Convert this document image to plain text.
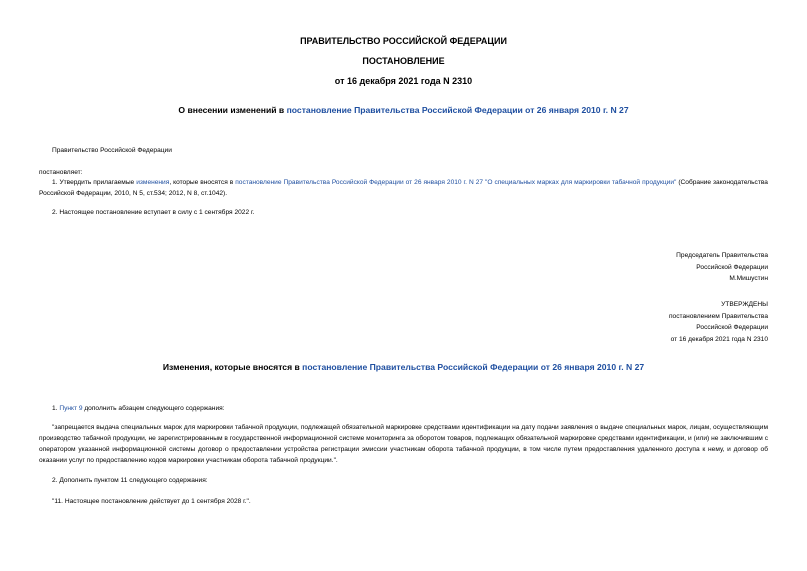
ПРАВИТЕЛЬСТВО РОССИЙСКОЙ ФЕДЕРАЦИИ
ПОСТАНОВЛЕНИЕ
от 16 декабря 2021 года N 2310
О внесении изменений в постановление Правительства Российской Федерации от 26 января 2010 г. N 27
Правительство Российской Федерации
постановляет:
1. Утвердить прилагаемые изменения, которые вносятся в постановление Правительства Российской Федерации от 26 января 2010 г. N 27 "О специальных марках для маркировки табачной продукции" (Собрание законодательства Российской Федерации, 2010, N 5, ст.534; 2012, N 8, ст.1042).
2. Настоящее постановление вступает в силу с 1 сентября 2022 г.
Председатель Правительства
Российской Федерации
М.Мишустин
УТВЕРЖДЕНЫ
постановлением Правительства
Российской Федерации
от 16 декабря 2021 года N 2310
Изменения, которые вносятся в постановление Правительства Российской Федерации от 26 января 2010 г. N 27
1. Пункт 9 дополнить абзацем следующего содержания:
"запрещается выдача специальных марок для маркировки табачной продукции, подлежащей обязательной маркировке средствами идентификации на дату подачи заявления о выдаче специальных марок, лицам, осуществляющим производство табачной продукции, не зарегистрированным в государственной информационной системе мониторинга за оборотом товаров, подлежащих обязательной маркировке средствами идентификации, и (или) не заключившим с оператором указанной информационной системы договор о предоставлении устройства регистрации эмиссии участникам оборота табачной продукции, в том числе путем предоставления удаленного доступа к нему, и договор об оказании услуг по предоставлению кодов маркировки участникам оборота табачной продукции.".
2. Дополнить пунктом 11 следующего содержания:
"11. Настоящее постановление действует до 1 сентября 2028 г.".
